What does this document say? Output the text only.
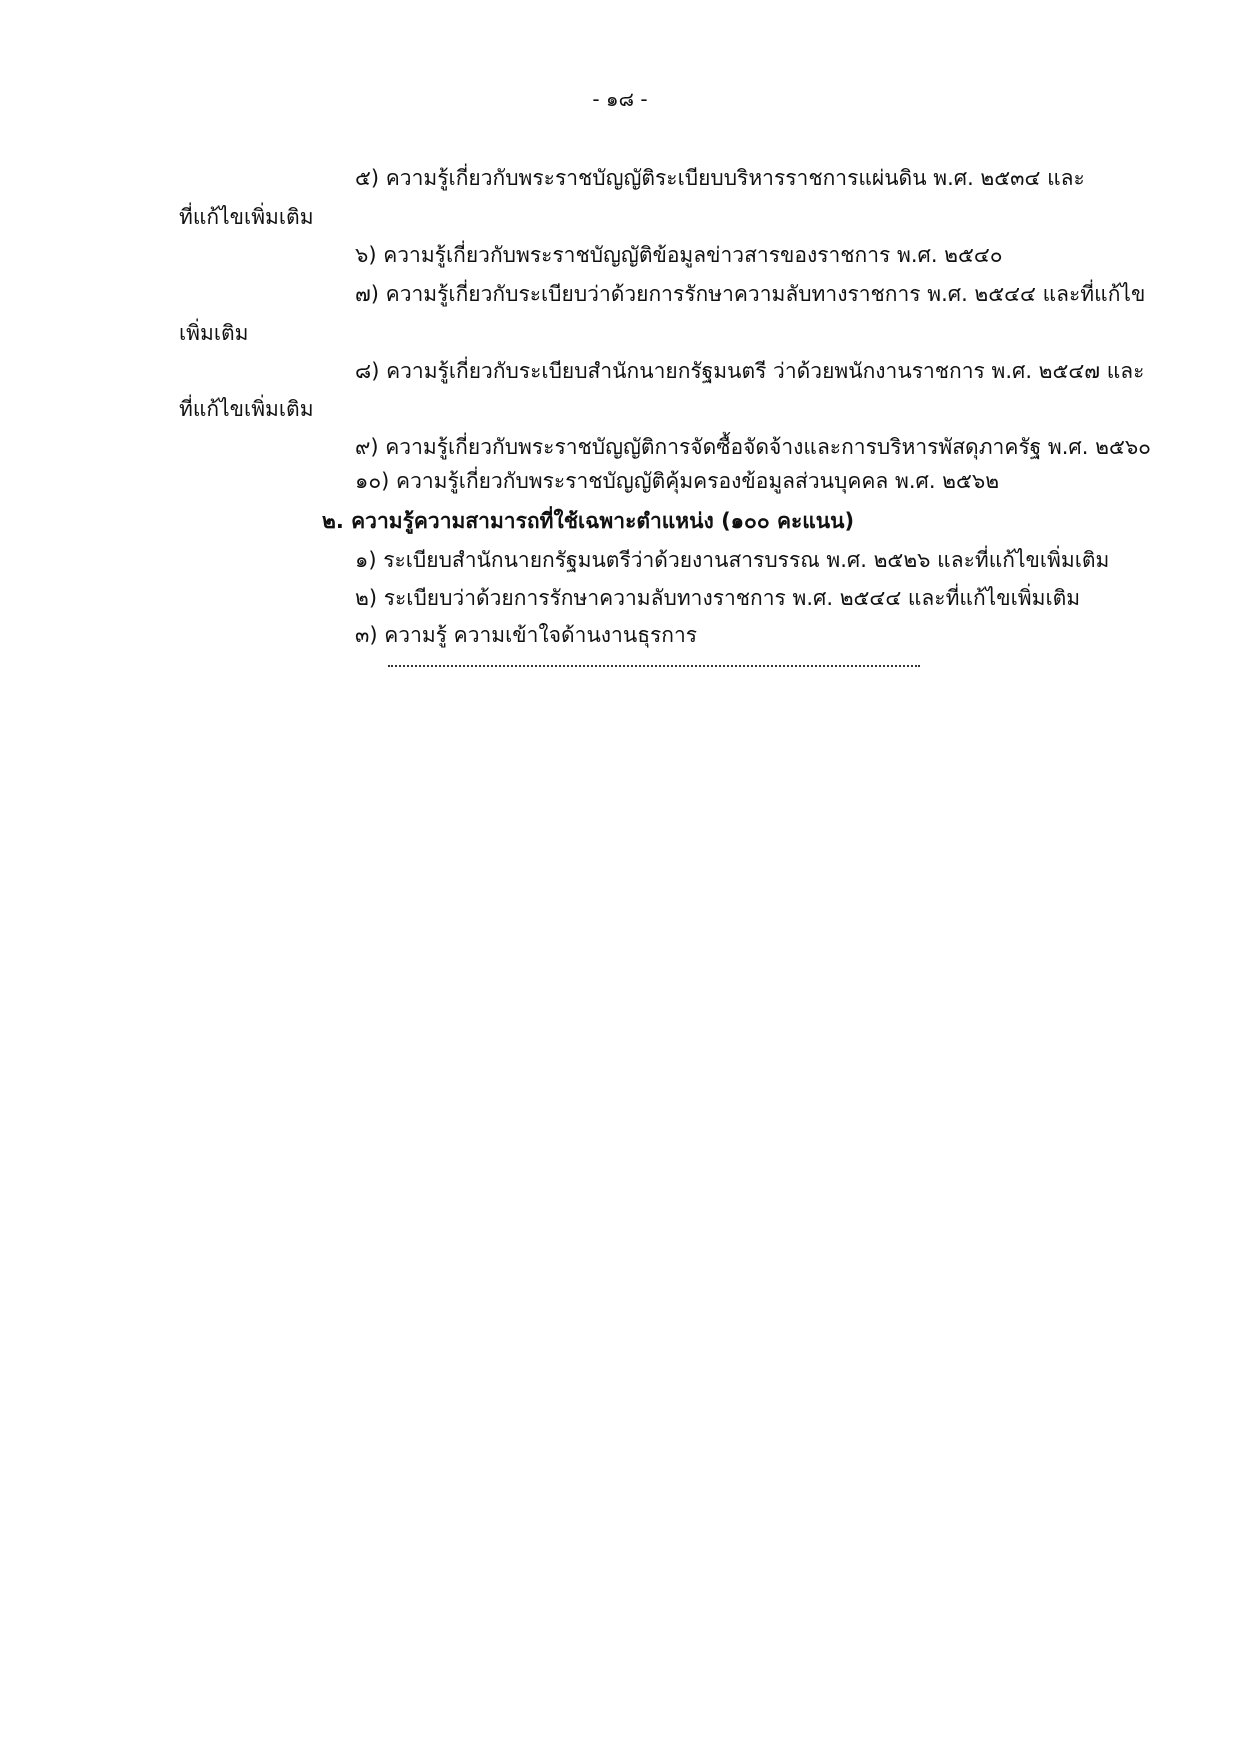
- ๑๘ -
๕) ความรู้เกี่ยวกับพระราชบัญญัติระเบียบบริหารราชการแผ่นดิน พ.ศ. ๒๕๓๔ และ
ที่แก้ไขเพิ่มเติม
๖) ความรู้เกี่ยวกับพระราชบัญญัติข้อมูลข่าวสารของราชการ พ.ศ. ๒๕๔๐
๗) ความรู้เกี่ยวกับระเบียบว่าด้วยการรักษาความลับทางราชการ พ.ศ. ๒๕๔๔ และที่แก้ไข
เพิ่มเติม
๘) ความรู้เกี่ยวกับระเบียบสำนักนายกรัฐมนตรี ว่าด้วยพนักงานราชการ พ.ศ. ๒๕๔๗ และ
ที่แก้ไขเพิ่มเติม
๙) ความรู้เกี่ยวกับพระราชบัญญัติการจัดซื้อจัดจ้างและการบริหารพัสดุภาครัฐ พ.ศ. ๒๕๖๐
๑๐) ความรู้เกี่ยวกับพระราชบัญญัติคุ้มครองข้อมูลส่วนบุคคล พ.ศ. ๒๕๖๒
๒. ความรู้ความสามารถที่ใช้เฉพาะตำแหน่ง (๑๐๐ คะแนน)
๑) ระเบียบสำนักนายกรัฐมนตรีว่าด้วยงานสารบรรณ พ.ศ. ๒๕๒๖ และที่แก้ไขเพิ่มเติม
๒) ระเบียบว่าด้วยการรักษาความลับทางราชการ พ.ศ. ๒๕๔๔ และที่แก้ไขเพิ่มเติม
๓) ความรู้ ความเข้าใจด้านงานธุรการ
